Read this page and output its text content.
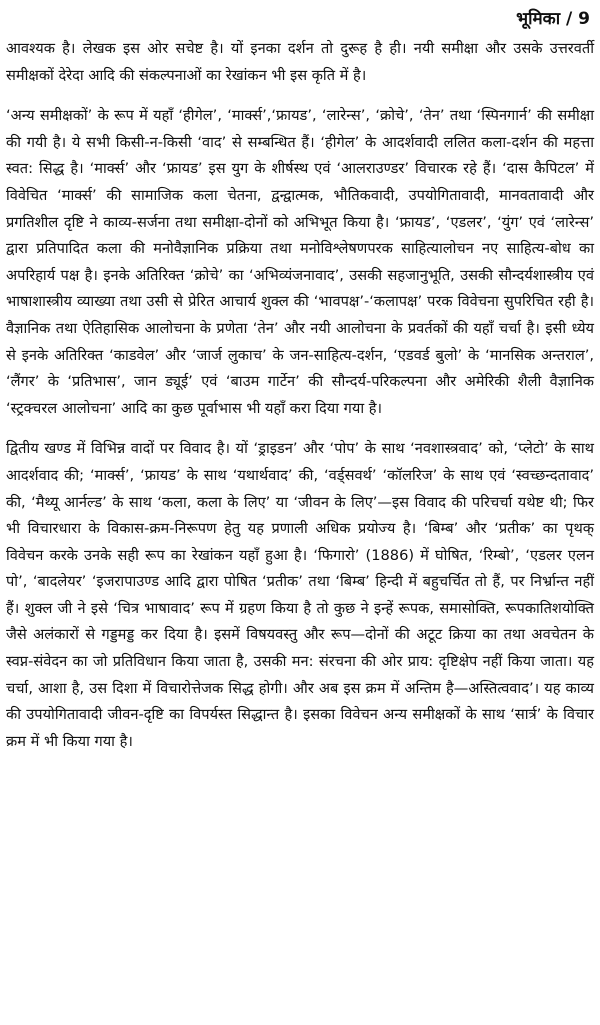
भूमिका / 9

आवश्यक है। लेखक इस ओर सचेष्ट है। यों इनका दर्शन तो दुरूह है ही। नयी समीक्षा और उसके उत्तरवर्ती समीक्षकों देरेदा आदि की संकल्पनाओं का रेखांकन भी इस कृति में है।

‘अन्य समीक्षकों’ के रूप में यहाँ ‘हीगेल’, ‘मार्क्स’,‘फ्रायड’, ‘लारेन्स’, ‘क्रोचे’, ‘तेन’ तथा ‘स्पिनगार्न’ की समीक्षा की गयी है। ये सभी किसी-न-किसी ‘वाद’ से सम्बन्धित हैं। ‘हीगेल’ के आदर्शवादी ललित कला-दर्शन की महत्ता स्वत: सिद्ध है। ‘मार्क्स’ और ‘फ्रायड’ इस युग के शीर्षस्थ एवं ‘आलराउण्डर’ विचारक रहे हैं। ‘दास कैपिटल’ में विवेचित ‘मार्क्स’ की सामाजिक कला चेतना, द्वन्द्वात्मक, भौतिकवादी, उपयोगितावादी, मानवतावादी और प्रगतिशील दृष्टि ने काव्य-सर्जना तथा समीक्षा-दोनों को अभिभूत किया है। ‘फ्रायड’, ‘एडलर’, ‘युंग’ एवं ‘लारेन्स’ द्वारा प्रतिपादित कला की मनोवैज्ञानिक प्रक्रिया तथा मनोविश्लेषणपरक साहित्यालोचन नए साहित्य-बोध का अपरिहार्य पक्ष है। इनके अतिरिक्त ‘क्रोचे’ का ‘अभिव्यंजनावाद’, उसकी सहजानुभूति, उसकी सौन्दर्यशास्त्रीय एवं भाषाशास्त्रीय व्याख्या तथा उसी से प्रेरित आचार्य शुक्ल की ‘भावपक्ष’-‘कलापक्ष’ परक विवेचना सुपरिचित रही है। वैज्ञानिक तथा ऐतिहासिक आलोचना के प्रणेता ‘तेन’ और नयी आलोचना के प्रवर्तकों की यहाँ चर्चा है। इसी ध्येय से इनके अतिरिक्त ‘काडवेल’ और ‘जार्ज लुकाच’ के जन-साहित्य-दर्शन, ‘एडवर्ड बुलो’ के ‘मानसिक अन्तराल’, ‘लैंगर’ के ‘प्रतिभास’, जान ड्यूई’ एवं ‘बाउम गार्टेन’ की सौन्दर्य-परिकल्पना और अमेरिकी शैली वैज्ञानिक ‘स्ट्रक्चरल आलोचना’ आदि का कुछ पूर्वाभास भी यहाँ करा दिया गया है।

द्वितीय खण्ड में विभिन्न वादों पर विवाद है। यों ‘ड्राइडन’ और ‘पोप’ के साथ ‘नवशास्त्रवाद’ को, ‘प्लेटो’ के साथ आदर्शवाद की; ‘मार्क्स’, ‘फ्रायड’ के साथ ‘यथार्थवाद’ की, ‘वर्ड्सवर्थ’ ‘कॉलरिज’ के साथ एवं ‘स्वच्छन्दतावाद’ की, ‘मैथ्यू आर्नल्ड’ के साथ ‘कला, कला के लिए’ या ‘जीवन के लिए’—इस विवाद की परिचर्चा यथेष्ट थी; फिर भी विचारधारा के विकास-क्रम-निरूपण हेतु यह प्रणाली अधिक प्रयोज्य है। ‘बिम्ब’ और ‘प्रतीक’ का पृथक् विवेचन करके उनके सही रूप का रेखांकन यहाँ हुआ है। ‘फिगारो’ (1886) में घोषित, ‘रिम्बो’, ‘एडलर एलन पो’, ‘बादलेयर’ ‘इजरापाउण्ड आदि द्वारा पोषित ‘प्रतीक’ तथा ‘बिम्ब’ हिन्दी में बहुचर्चित तो हैं, पर निर्भ्रान्त नहीं हैं। शुक्ल जी ने इसे ‘चित्र भाषावाद’ रूप में ग्रहण किया है तो कुछ ने इन्हें रूपक, समासोक्ति, रूपकातिशयोक्ति जैसे अलंकारों से गड्डमड्ड कर दिया है। इसमें विषयवस्तु और रूप—दोनों की अटूट क्रिया का तथा अवचेतन के स्वप्न-संवेदन का जो प्रतिविधान किया जाता है, उसकी मन: संरचना की ओर प्राय: दृष्टिक्षेप नहीं किया जाता। यह चर्चा, आशा है, उस दिशा में विचारोत्तेजक सिद्ध होगी। और अब इस क्रम में अन्तिम है—अस्तित्ववाद’। यह काव्य की उपयोगितावादी जीवन-दृष्टि का विपर्यस्त सिद्धान्त है। इसका विवेचन अन्य समीक्षकों के साथ ‘सार्त्र’ के विचार क्रम में भी किया गया है।
